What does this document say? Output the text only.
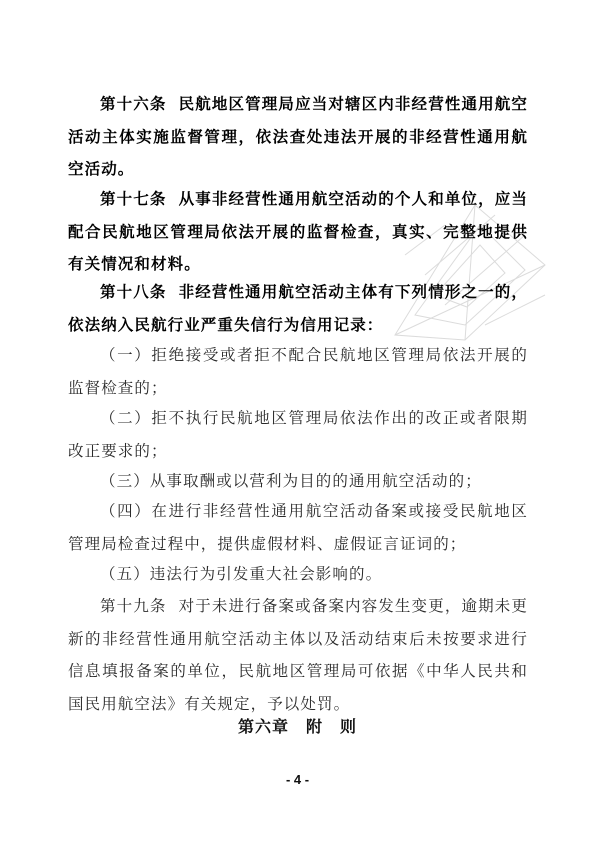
第十六条 民航地区管理局应当对辖区内非经营性通用航空活动主体实施监督管理，依法查处违法开展的非经营性通用航空活动。

第十七条 从事非经营性通用航空活动的个人和单位，应当配合民航地区管理局依法开展的监督检查，真实、完整地提供有关情况和材料。

第十八条 非经营性通用航空活动主体有下列情形之一的，依法纳入民航行业严重失信行为信用记录：

（一）拒绝接受或者拒不配合民航地区管理局依法开展的监督检查的；

（二）拒不执行民航地区管理局依法作出的改正或者限期改正要求的；

（三）从事取酬或以营利为目的的通用航空活动的；

（四）在进行非经营性通用航空活动备案或接受民航地区管理局检查过程中，提供虚假材料、虚假证言证词的；

（五）违法行为引发重大社会影响的。

第十九条 对于未进行备案或备案内容发生变更，逾期未更新的非经营性通用航空活动主体以及活动结束后未按要求进行信息填报备案的单位，民航地区管理局可依据《中华人民共和国民用航空法》有关规定，予以处罚。

第六章　附　则
- 4 -
